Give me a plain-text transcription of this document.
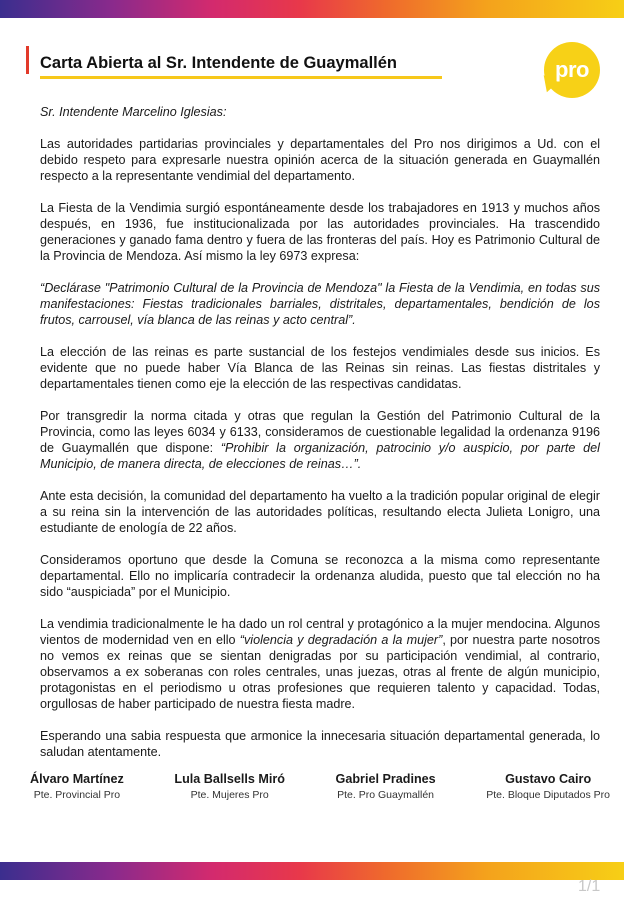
Carta Abierta al Sr. Intendente de Guaymallén	pro

Sr. Intendente Marcelino Iglesias:

Las autoridades partidarias provinciales y departamentales del Pro nos dirigimos a Ud. con el debido respeto para expresarle nuestra opinión acerca de la situación generada en Guaymallén respecto a la representante vendimial del departamento.

La Fiesta de la Vendimia surgió espontáneamente desde los trabajadores en 1913 y muchos años después, en 1936, fue institucionalizada por las autoridades provinciales. Ha trascendido generaciones y ganado fama dentro y fuera de las fronteras del país. Hoy es Patrimonio Cultural de la Provincia de Mendoza. Así mismo la ley 6973 expresa:

“Declárase "Patrimonio Cultural de la Provincia de Mendoza" la Fiesta de la Vendimia, en todas sus manifestaciones: Fiestas tradicionales barriales, distritales, departamentales, bendición de los frutos, carrousel, vía blanca de las reinas y acto central”.

La elección de las reinas es parte sustancial de los festejos vendimiales desde sus inicios. Es evidente que no puede haber Vía Blanca de las Reinas sin reinas. Las fiestas distritales y departamentales tienen como eje la elección de las respectivas candidatas.

Por transgredir la norma citada y otras que regulan la Gestión del Patrimonio Cultural de la Provincia, como las leyes 6034 y 6133, consideramos de cuestionable legalidad la ordenanza 9196 de Guaymallén que dispone: “Prohibir la organización, patrocinio y/o auspicio, por parte del Municipio, de manera directa, de elecciones de reinas…”.

Ante esta decisión, la comunidad del departamento ha vuelto a la tradición popular original de elegir a su reina sin la intervención de las autoridades políticas, resultando electa Julieta Lonigro, una estudiante de enología de 22 años.

Consideramos oportuno que desde la Comuna se reconozca a la misma como representante departamental. Ello no implicaría contradecir la ordenanza aludida, puesto que tal elección no ha sido “auspiciada” por el Municipio.

La vendimia tradicionalmente le ha dado un rol central y protagónico a la mujer mendocina. Algunos vientos de modernidad ven en ello “violencia y degradación a la mujer”, por nuestra parte nosotros no vemos ex reinas que se sientan denigradas por su participación vendimial, al contrario, observamos a ex soberanas con roles centrales, unas juezas, otras al frente de algún municipio, protagonistas en el periodismo u otras profesiones que requieren talento y capacidad. Todas, orgullosas de haber participado de nuestra fiesta madre.

Esperando una sabia respuesta que armonice la innecesaria situación departamental generada, lo saludan atentamente.

Álvaro Martínez
Pte. Provincial Pro
Lula Ballsells Miró
Pte. Mujeres Pro
Gabriel Pradines
Pte. Pro Guaymallén
Gustavo Cairo
Pte. Bloque Diputados Pro
1/1
